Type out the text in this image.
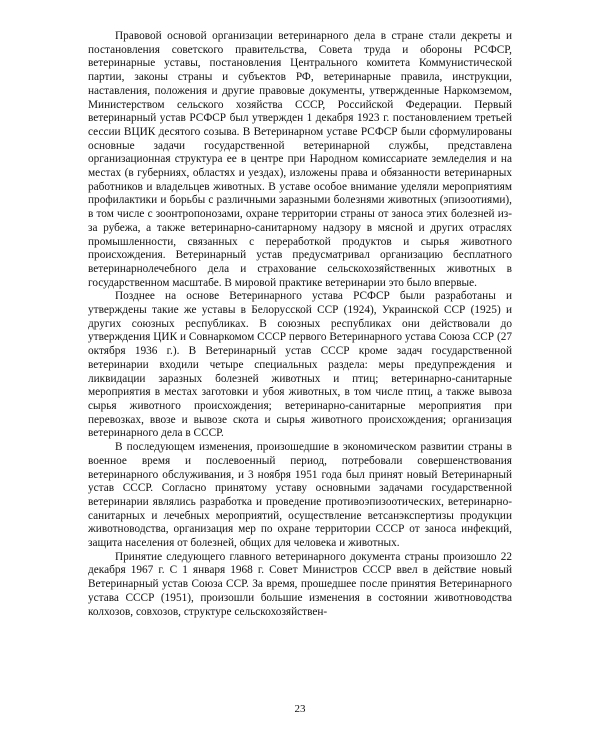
Правовой основой организации ветеринарного дела в стране стали декреты и постановления советского правительства, Совета труда и обороны РСФСР, ветеринарные уставы, постановления Центрального комитета Коммунистической партии, законы страны и субъектов РФ, ветеринарные правила, инструкции, наставления, положения и другие правовые документы, утвержденные Наркомземом, Министерством сельского хозяйства СССР, Российской Федерации. Первый ветеринарный устав РСФСР был утвержден 1 декабря 1923 г. постановлением третьей сессии ВЦИК десятого созыва. В Ветеринарном уставе РСФСР были сформулированы основные задачи государственной ветеринарной службы, представлена организационная структура ее в центре при Народном комиссариате земледелия и на местах (в губерниях, областях и уездах), изложены права и обязанности ветеринарных работников и владельцев животных. В уставе особое внимание уделяли мероприятиям профилактики и борьбы с различными заразными болезнями животных (эпизоотиями), в том числе с зоонтропонозами, охране территории страны от заноса этих болезней из-за рубежа, а также ветеринарно-санитарному надзору в мясной и других отраслях промышленности, связанных с переработкой продуктов и сырья животного происхождения. Ветеринарный устав предусматривал организацию бесплатного ветеринарнолечебного дела и страхование сельскохозяйственных животных в государственном масштабе. В мировой практике ветеринарии это было впервые.

Позднее на основе Ветеринарного устава РСФСР были разработаны и утверждены такие же уставы в Белорусской ССР (1924), Украинской ССР (1925) и других союзных республиках. В союзных республиках они действовали до утверждения ЦИК и Совнаркомом СССР первого Ветеринарного устава Союза ССР (27 октября 1936 г.). В Ветеринарный устав СССР кроме задач государственной ветеринарии входили четыре специальных раздела: меры предупреждения и ликвидации заразных болезней животных и птиц; ветеринарно-санитарные мероприятия в местах заготовки и убоя животных, в том числе птиц, а также вывоза сырья животного происхождения; ветеринарно-санитарные мероприятия при перевозках, ввозе и вывозе скота и сырья животного происхождения; организация ветеринарного дела в СССР.

В последующем изменения, произошедшие в экономическом развитии страны в военное время и послевоенный период, потребовали совершенствования ветеринарного обслуживания, и 3 ноября 1951 года был принят новый Ветеринарный устав СССР. Согласно принятому уставу основными задачами государственной ветеринарии являлись разработка и проведение противоэпизоотических, ветеринарно-санитарных и лечебных мероприятий, осуществление ветсанэкспертизы продукции животноводства, организация мер по охране территории СССР от заноса инфекций, защита населения от болезней, общих для человека и животных.

Принятие следующего главного ветеринарного документа страны произошло 22 декабря 1967 г. С 1 января 1968 г. Совет Министров СССР ввел в действие новый Ветеринарный устав Союза ССР. За время, прошедшее после принятия Ветеринарного устава СССР (1951), произошли большие изменения в состоянии животноводства колхозов, совхозов, структуре сельскохозяйствен-

23
